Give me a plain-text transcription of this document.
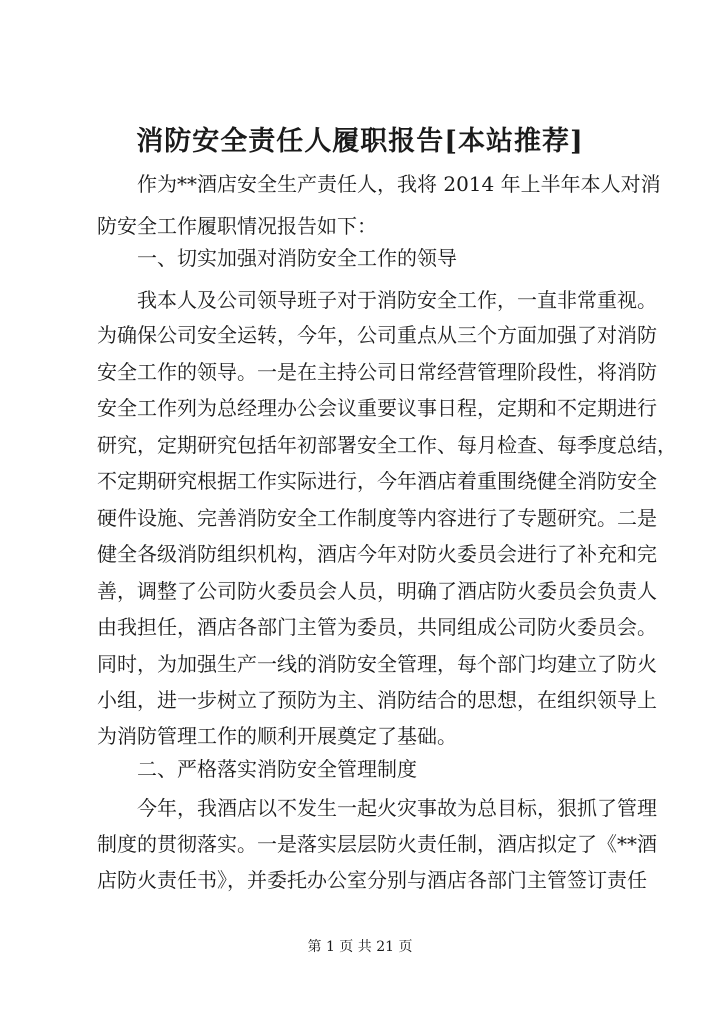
消防安全责任人履职报告[本站推荐]
作为**酒店安全生产责任人，我将 2014 年上半年本人对消
防安全工作履职情况报告如下：
一、切实加强对消防安全工作的领导
我本人及公司领导班子对于消防安全工作，一直非常重视。
为确保公司安全运转，今年，公司重点从三个方面加强了对消防
安全工作的领导。一是在主持公司日常经营管理阶段性，将消防
安全工作列为总经理办公会议重要议事日程，定期和不定期进行
研究，定期研究包括年初部署安全工作、每月检查、每季度总结，
不定期研究根据工作实际进行，今年酒店着重围绕健全消防安全
硬件设施、完善消防安全工作制度等内容进行了专题研究。二是
健全各级消防组织机构，酒店今年对防火委员会进行了补充和完
善，调整了公司防火委员会人员，明确了酒店防火委员会负责人
由我担任，酒店各部门主管为委员，共同组成公司防火委员会。
同时，为加强生产一线的消防安全管理，每个部门均建立了防火
小组，进一步树立了预防为主、消防结合的思想，在组织领导上
为消防管理工作的顺利开展奠定了基础。
二、严格落实消防安全管理制度
今年，我酒店以不发生一起火灾事故为总目标，狠抓了管理
制度的贯彻落实。一是落实层层防火责任制，酒店拟定了《**酒
店防火责任书》，并委托办公室分别与酒店各部门主管签订责任
第 1 页 共 21 页
